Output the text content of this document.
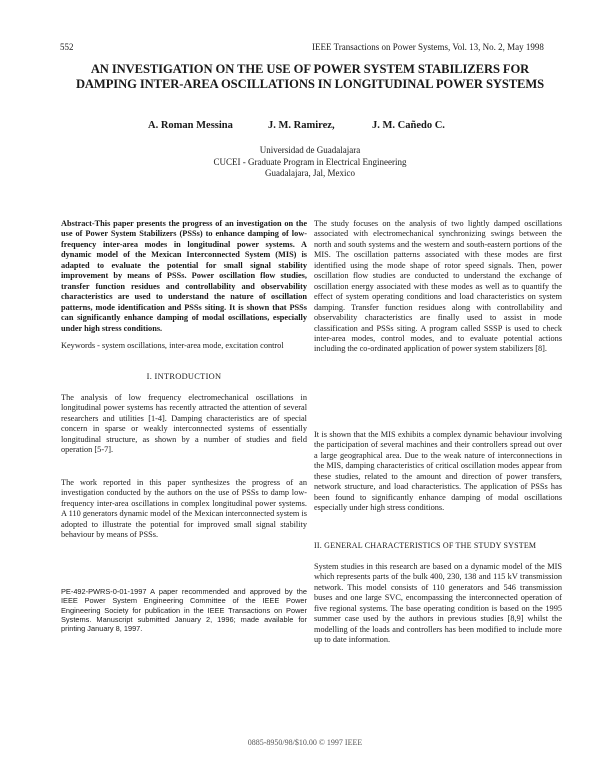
552	IEEE Transactions on Power Systems, Vol. 13, No. 2, May 1998
AN INVESTIGATION ON THE USE OF POWER SYSTEM STABILIZERS FOR DAMPING INTER-AREA OSCILLATIONS IN LONGITUDINAL POWER SYSTEMS
A. Roman Messina	J. M. Ramirez,	J. M. Cañedo C.
Universidad de Guadalajara
CUCEI - Graduate Program in Electrical Engineering
Guadalajara, Jal, Mexico

Abstract-This paper presents the progress of an investigation on the use of Power System Stabilizers (PSSs) to enhance damping of low-frequency inter-area modes in longitudinal power systems. A dynamic model of the Mexican Interconnected System (MIS) is adapted to evaluate the potential for small signal stability improvement by means of PSSs. Power oscillation flow studies, transfer function residues and controllability and observability characteristics are used to understand the nature of oscillation patterns, mode identification and PSSs siting. It is shown that PSSs can significantly enhance damping of modal oscillations, especially under high stress conditions.

Keywords - system oscillations, inter-area mode, excitation control

I. INTRODUCTION

The analysis of low frequency electromechanical oscillations in longitudinal power systems has recently attracted the attention of several researchers and utilities [1-4]. Damping characteristics are of special concern in sparse or weakly interconnected systems of essentially longitudinal structure, as shown by a number of studies and field operation [5-7].

The work reported in this paper synthesizes the progress of an investigation conducted by the authors on the use of PSSs to damp low-frequency inter-area oscillations in complex longitudinal power systems. A 110 generators dynamic model of the Mexican interconnected system is adopted to illustrate the potential for improved small signal stability behaviour by means of PSSs.

PE-492-PWRS-0-01-1997 A paper recommended and approved by the IEEE Power System Engineering Committee of the IEEE Power Engineering Society for publication in the IEEE Transactions on Power Systems. Manuscript submitted January 2, 1996; made available for printing January 8, 1997.

The study focuses on the analysis of two lightly damped oscillations associated with electromechanical synchronizing swings between the north and south systems and the western and south-eastern portions of the MIS. The oscillation patterns associated with these modes are first identified using the mode shape of rotor speed signals. Then, power oscillation flow studies are conducted to understand the exchange of oscillation energy associated with these modes as well as to quantify the effect of system operating conditions and load characteristics on system damping. Transfer function residues along with controllability and observability characteristics are finally used to assist in mode classification and PSSs siting. A program called SSSP is used to check inter-area modes, control modes, and to evaluate potential actions including the co-ordinated application of power system stabilizers [8].

It is shown that the MIS exhibits a complex dynamic behaviour involving the participation of several machines and their controllers spread out over a large geographical area. Due to the weak nature of interconnections in the MIS, damping characteristics of critical oscillation modes appear from these studies, related to the amount and direction of power transfers, network structure, and load characteristics. The application of PSSs has been found to significantly enhance damping of modal oscillations especially under high stress conditions.

II. GENERAL CHARACTERISTICS OF THE STUDY SYSTEM

System studies in this research are based on a dynamic model of the MIS which represents parts of the bulk 400, 230, 138 and 115 kV transmission network. This model consists of 110 generators and 546 transmission buses and one large SVC, encompassing the interconnected operation of five regional systems. The base operating condition is based on the 1995 summer case used by the authors in previous studies [8,9] whilst the modelling of the loads and controllers has been modified to include more up to date information.

0885-8950/98/$10.00 © 1997 IEEE
